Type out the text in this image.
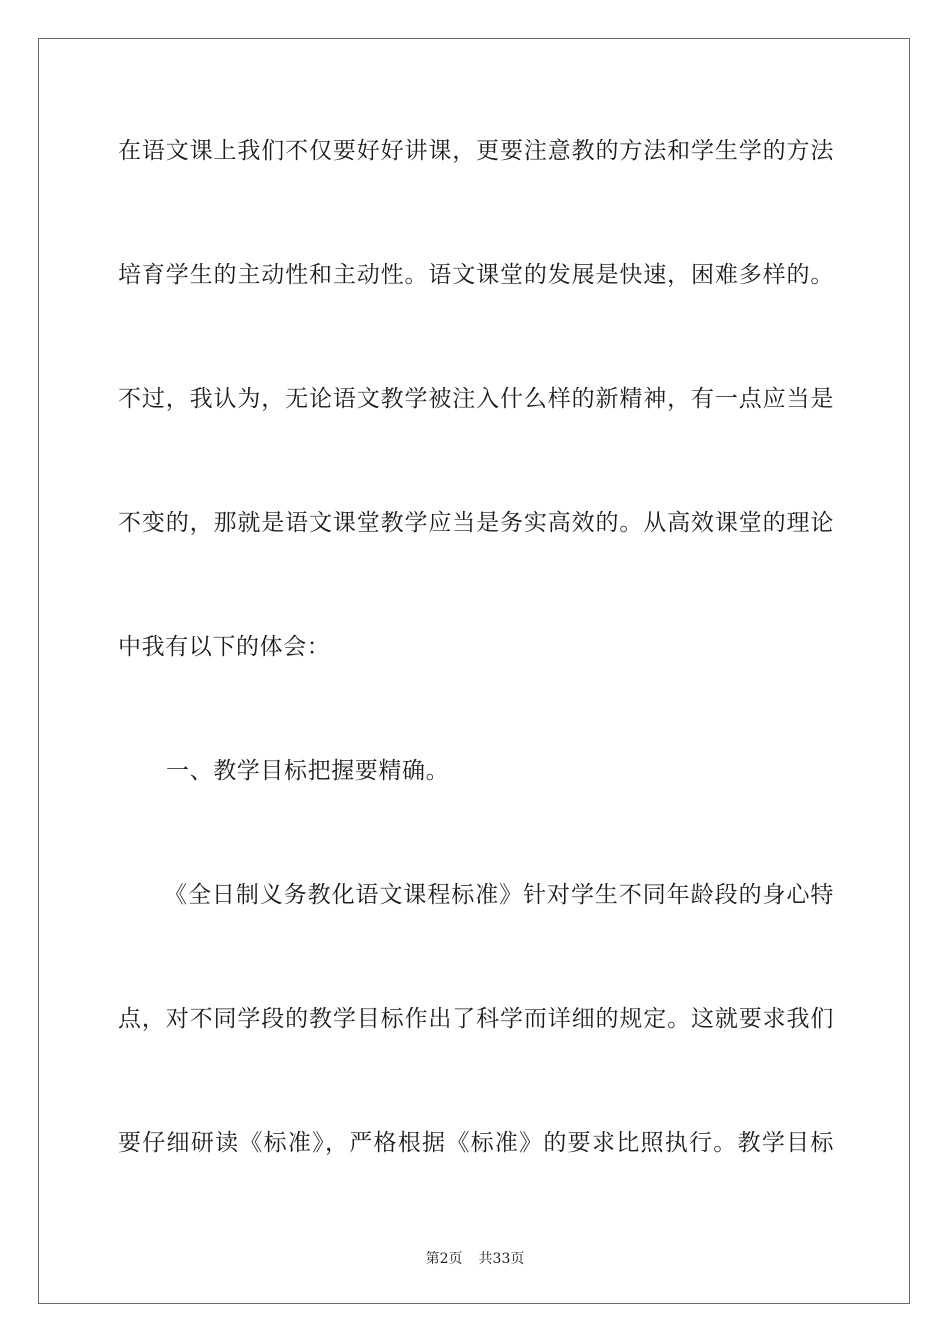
在语文课上我们不仅要好好讲课，更要注意教的方法和学生学的方法
培育学生的主动性和主动性。语文课堂的发展是快速，困难多样的。
不过，我认为，无论语文教学被注入什么样的新精神，有一点应当是
不变的，那就是语文课堂教学应当是务实高效的。从高效课堂的理论
中我有以下的体会：
一、教学目标把握要精确。
《全日制义务教化语文课程标准》针对学生不同年龄段的身心特
点，对不同学段的教学目标作出了科学而详细的规定。这就要求我们
要仔细研读《标准》，严格根据《标准》的要求比照执行。教学目标
第2页 共33页
